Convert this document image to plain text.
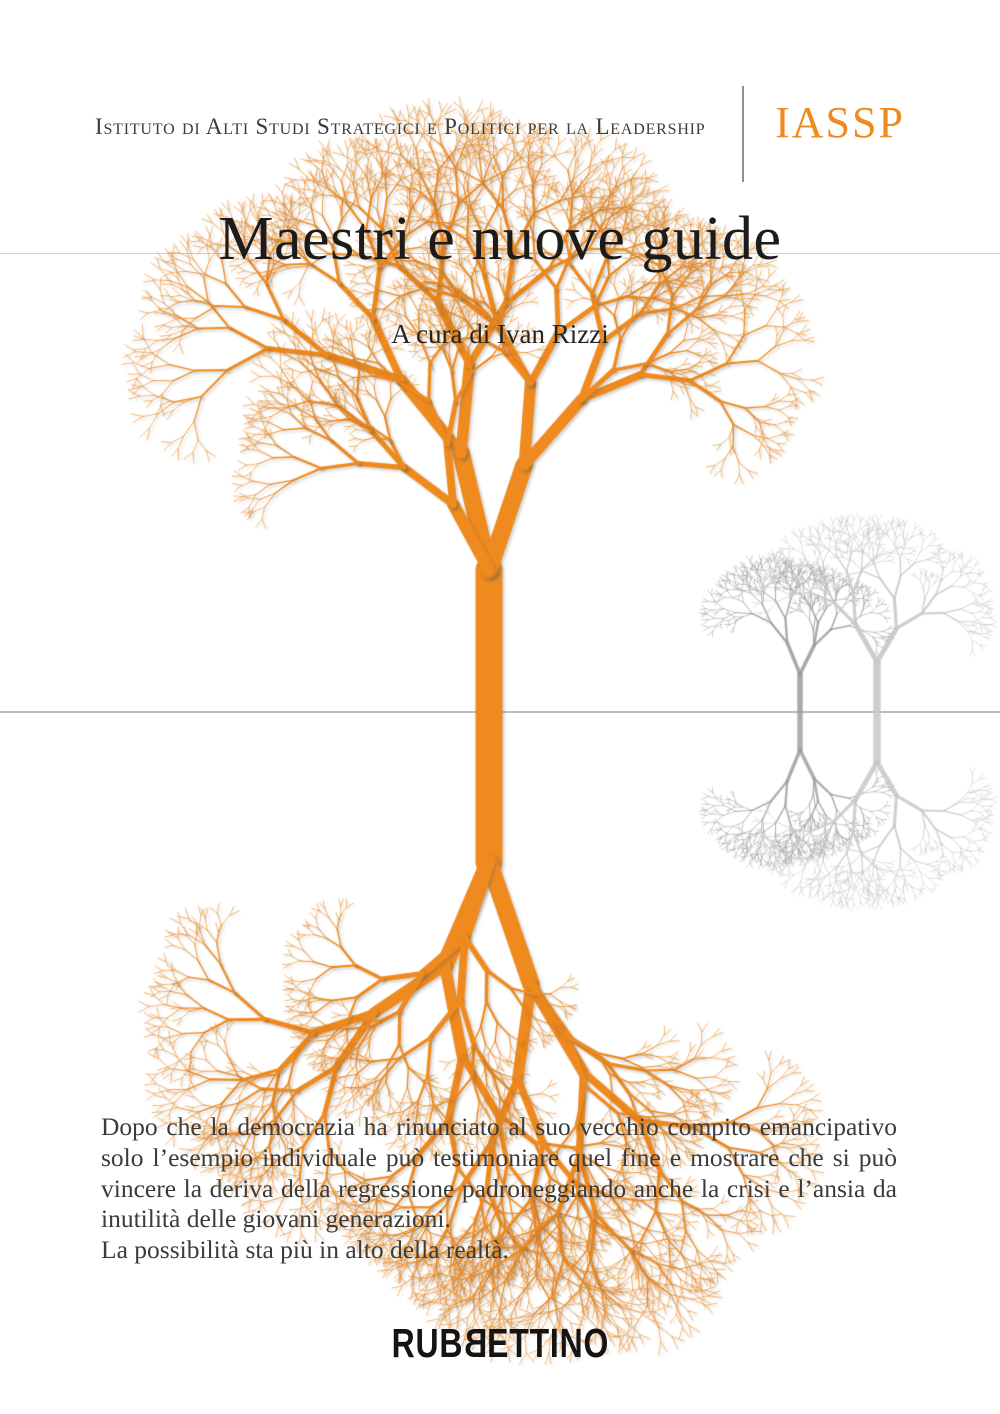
Istituto di Alti Studi Strategici e Politici per la Leadership	IASSP
Maestri e nuove guide
A cura di Ivan Rizzi
Dopo che la democrazia ha rinunciato al suo vecchio compito emancipativo
solo l’esempio individuale può testimoniare quel fine e mostrare che si può
vincere la deriva della regressione padroneggiando anche la crisi e l’ansia da
inutilità delle giovani generazioni.
La possibilità sta più in alto della realtà.
RUBBETTINO
